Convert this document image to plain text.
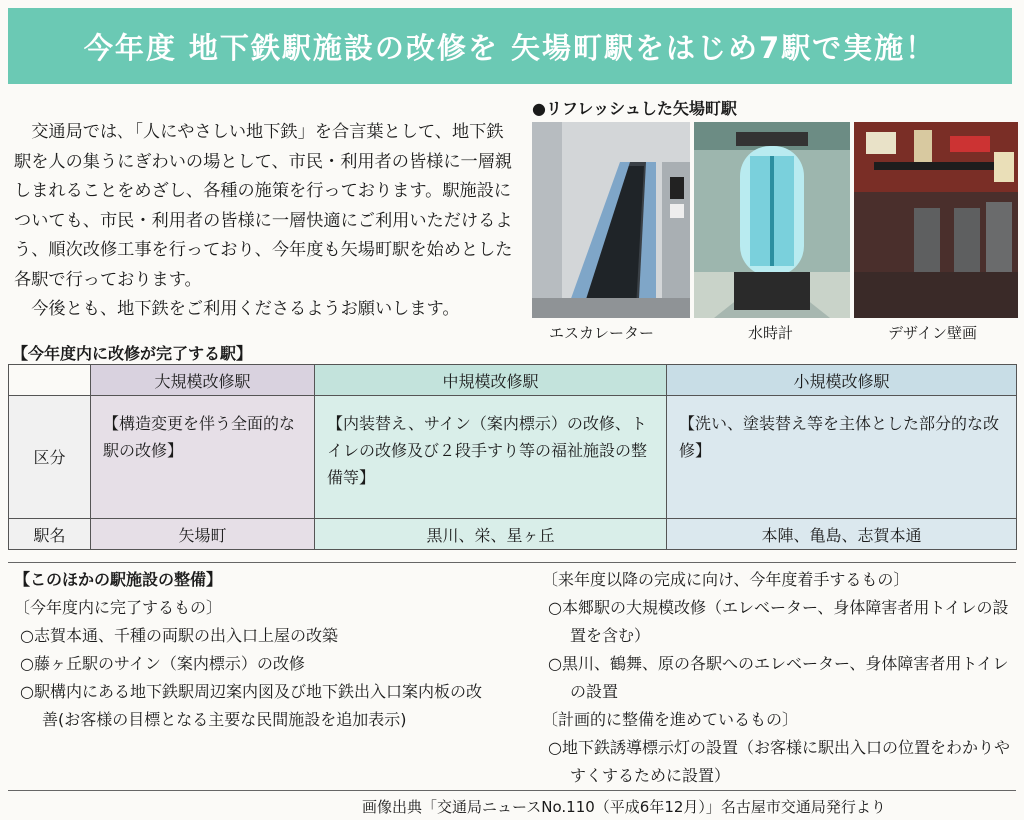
今年度 地下鉄駅施設の改修を 矢場町駅をはじめ7駅で実施！

交通局では､「人にやさしい地下鉄」を合言葉として、地下鉄駅を人の集うにぎわいの場として、市民・利用者の皆様に一層親しまれることをめざし、各種の施策を行っております。駅施設についても、市民・利用者の皆様に一層快適にご利用いただけるよう、順次改修工事を行っており、今年度も矢場町駅を始めとした各駅で行っております。

今後とも、地下鉄をご利用くださるようお願いします。

●リフレッシュした矢場町駅
エスカレーター	水時計	デザイン壁画
【今年度内に改修が完了する駅】
	大規模改修駅	中規模改修駅	小規模改修駅
区分	【構造変更を伴う全面的な駅の改修】	【内装替え、サイン（案内標示）の改修、トイレの改修及び２段手すり等の福祉施設の整備等】	【洗い、塗装替え等を主体とした部分的な改修】
駅名	矢場町	黒川、栄、星ヶ丘	本陣、亀島、志賀本通
【このほかの駅施設の整備】
〔今年度内に完了するもの〕
○志賀本通、千種の両駅の出入口上屋の改築
○藤ヶ丘駅のサイン（案内標示）の改修
○駅構内にある地下鉄駅周辺案内図及び地下鉄出入口案内板の改善(お客様の目標となる主要な民間施設を追加表示)
〔来年度以降の完成に向け、今年度着手するもの〕
○本郷駅の大規模改修（エレベーター、身体障害者用トイレの設置を含む）
○黒川、鶴舞、原の各駅へのエレベーター、身体障害者用トイレの設置
〔計画的に整備を進めているもの〕
○地下鉄誘導標示灯の設置（お客様に駅出入口の位置をわかりやすくするために設置）
画像出典「交通局ニュースNo.110（平成6年12月）」名古屋市交通局発行より
